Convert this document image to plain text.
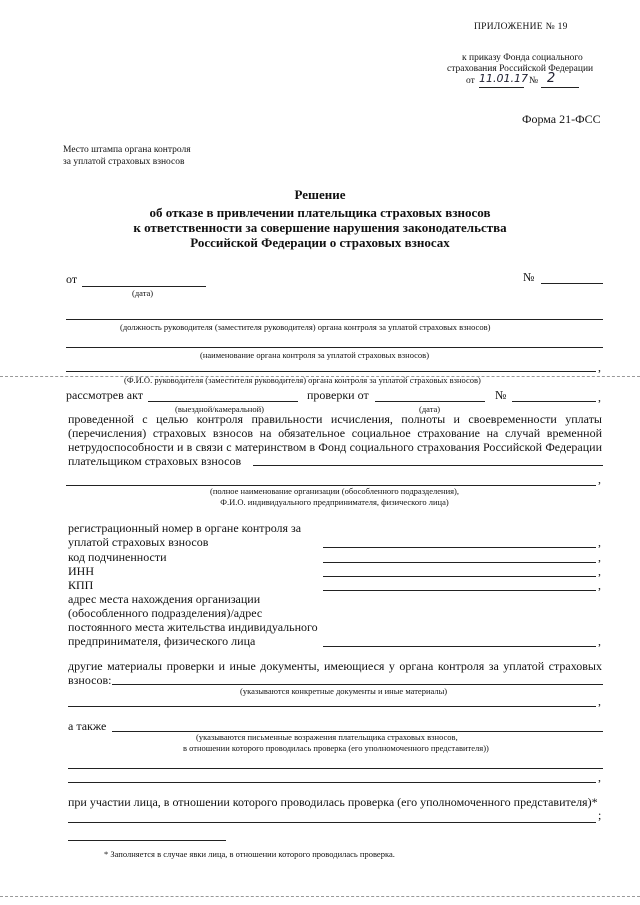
ПРИЛОЖЕНИЕ № 19
к приказу Фонда социального
страхования Российской Федерации
от 11.01.17 № 2
Форма 21-ФСС
Место штампа органа контроля
за уплатой страховых взносов
Решение
об отказе в привлечении плательщика страховых взносов
к ответственности за совершение нарушения законодательства
Российской Федерации о страховых взносах
от
(дата)
№
(должность руководителя (заместителя руководителя) органа контроля за уплатой страховых взносов)
(наименование органа контроля за уплатой страховых взносов)
,
(Ф.И.О. руководителя (заместителя руководителя) органа контроля за уплатой страховых взносов)
рассмотрев акт	проверки от	№	,
(выездной/камеральной)	(дата)
проведенной с целью контроля правильности исчисления, полноты и своевременности уплаты
(перечисления) страховых взносов на обязательное социальное страхование на случай временной
нетрудоспособности и в связи с материнством в Фонд социального страхования Российской Федерации
плательщиком страховых взносов
,
(полное наименование организации (обособленного подразделения),
Ф.И.О. индивидуального предпринимателя, физического лица)
регистрационный номер в органе контроля за
уплатой страховых взносов	,
код подчиненности	,
ИНН	,
КПП	,
адрес места нахождения организации
(обособленного подразделения)/адрес
постоянного места жительства индивидуального
предпринимателя, физического лица	,
другие материалы проверки и иные документы, имеющиеся у органа контроля за уплатой страховых
взносов:
(указываются конкретные документы и иные материалы)
,
а также
(указываются письменные возражения плательщика страховых взносов,
в отношении которого проводилась проверка (его уполномоченного представителя))
,
при участии лица, в отношении которого проводилась проверка (его уполномоченного представителя)*
;
* Заполняется в случае явки лица, в отношении которого проводилась проверка.
